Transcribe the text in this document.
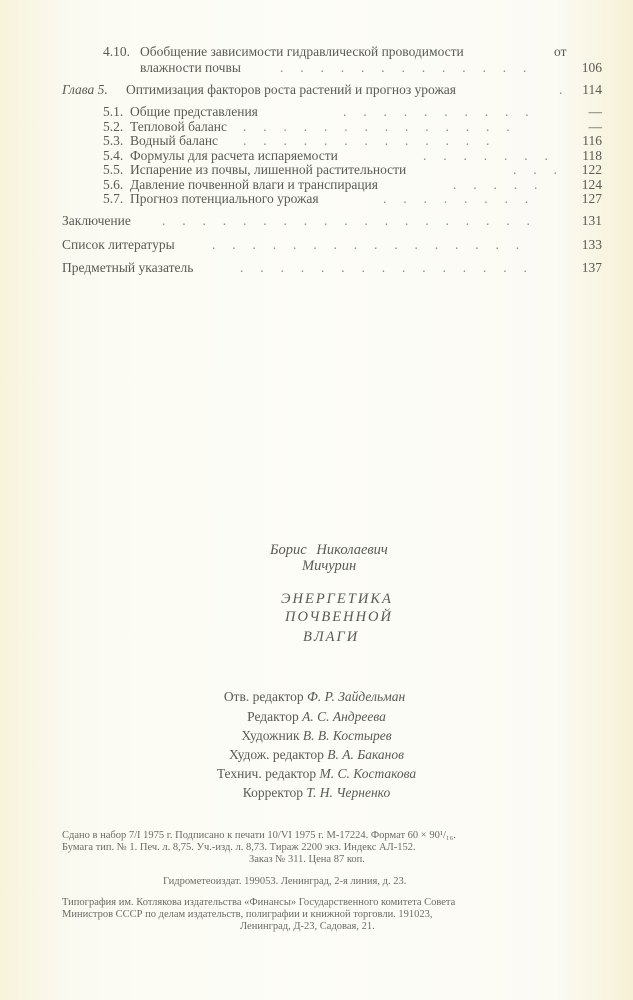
4.10. Обобщение зависимости гидравлической проводимости	от
влажности почвы	.     .     .     .     .     .     .     .     .     .     .     .     .	106
Глава 5. Оптимизация факторов роста растений и прогноз урожая	. 114
5.1. Общие представления	.     .     .     .     .     .     .     .     .     .	—
5.2. Тепловой баланс .     .     .     .     .     .     .     .     .     .     .     .     .     .	—
5.3. Водный баланс .     .     .     .     .     .     .     .     .     .     .     .     .	116
5.4. Формулы для расчета испаряемости	.     .     .     .     .     .     .	118
5.5. Испарение из почвы, лишенной растительности	.     .     . 122
5.6. Давление почвенной влаги и транспирация	.     .     .     .     .	124
5.7. Прогноз потенциального урожая	.     .     .     .     .     .     .     .	127
Заключение .     .     .     .     .     .     .     .     .     .     .     .     .     .     .     .     .     .     .	131
Список литературы	.     .     .     .     .     .     .     .     .     .     .     .     .     .     .     .	133
Предметный указатель	.     .     .     .     .     .     .     .     .     .     .     .     .     .     .	137
Борис Николаевич
Мичурин
ЭНЕРГЕТИКА
ПОЧВЕННОЙ
ВЛАГИ
Отв. редактор Ф. Р. Зайдельман
Редактор А. С. Андреева
Художник В. В. Костырев
Худож. редактор В. А. Баканов
Технич. редактор М. С. Костакова
Корректор Т. Н. Черненко
Сдано в набор 7/I 1975 г. Подписано к печати 10/VI 1975 г. М-17224. Формат 60 × 90¹/₁₆.
Бумага тип. № 1. Печ. л. 8,75. Уч.-изд. л. 8,73. Тираж 2200 экз. Индекс АЛ-152.
Заказ № 311. Цена 87 коп.
Гидрометеоиздат. 199053. Ленинград, 2-я линия, д. 23.
Типография им. Котлякова издательства «Финансы» Государственного комитета Совета
Министров СССР по делам издательств, полиграфии и книжной торговли. 191023,
Ленинград, Д-23, Садовая, 21.
